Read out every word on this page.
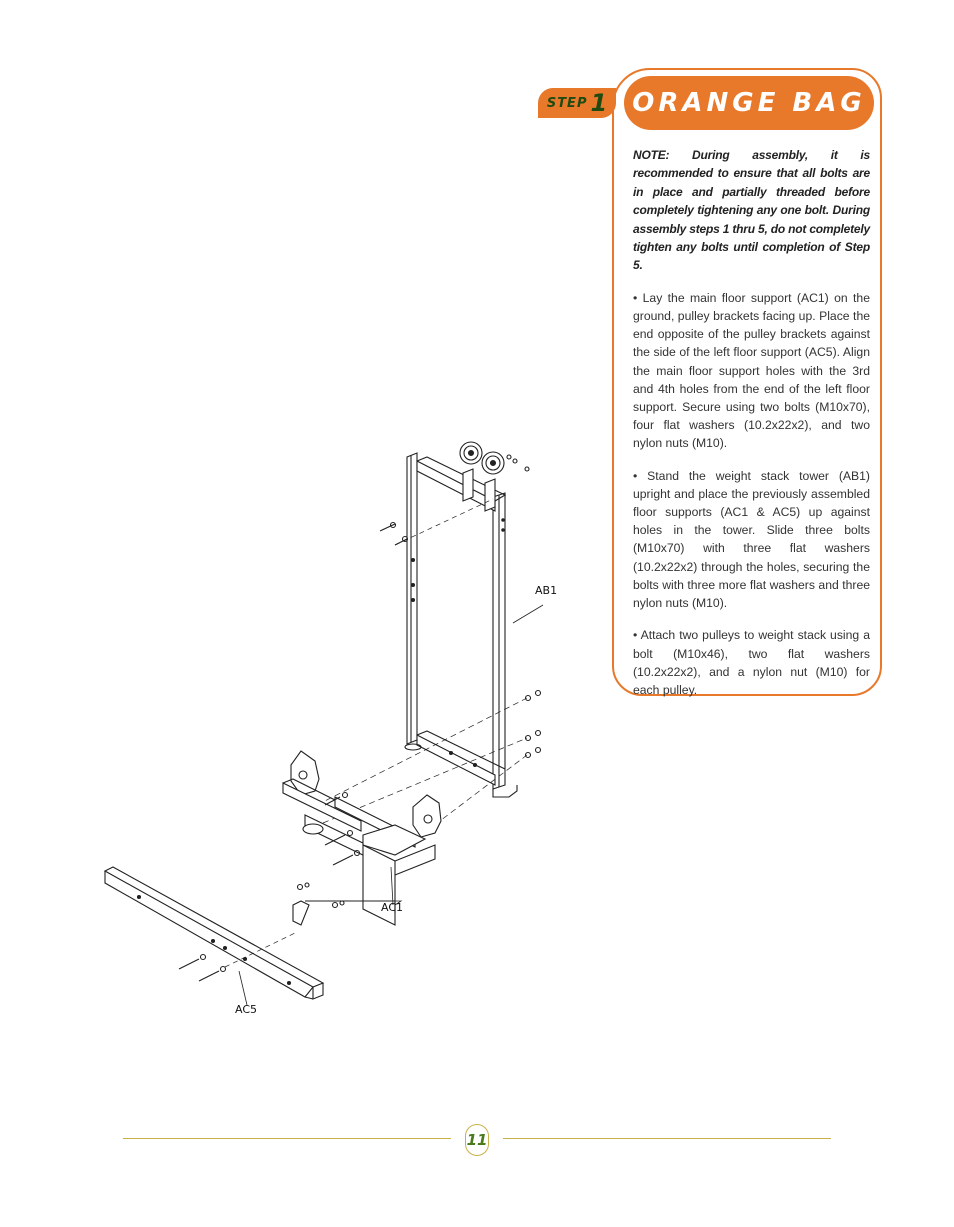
STEP 1 ORANGE BAG

NOTE: During assembly, it is recommended to ensure that all bolts are in place and partially threaded before completely tightening any one bolt. During assembly steps 1 thru 5, do not completely tighten any bolts until completion of Step 5.

• Lay the main floor support (AC1) on the ground, pulley brackets facing up. Place the end opposite of the pulley brackets against the side of the left floor support (AC5). Align the main floor support holes with the 3rd and 4th holes from the end of the left floor support. Secure using two bolts (M10x70), four flat washers (10.2x22x2), and two nylon nuts (M10).

• Stand the weight stack tower (AB1) upright and place the previously assembled floor supports (AC1 & AC5) up against holes in the tower. Slide three bolts (M10x70) with three flat washers (10.2x22x2) through the holes, securing the bolts with three more flat washers and three nylon nuts (M10).

• Attach two pulleys to weight stack using a bolt (M10x46), two flat washers (10.2x22x2), and a nylon nut (M10) for each pulley.

AB1
AC1
AC5
11
